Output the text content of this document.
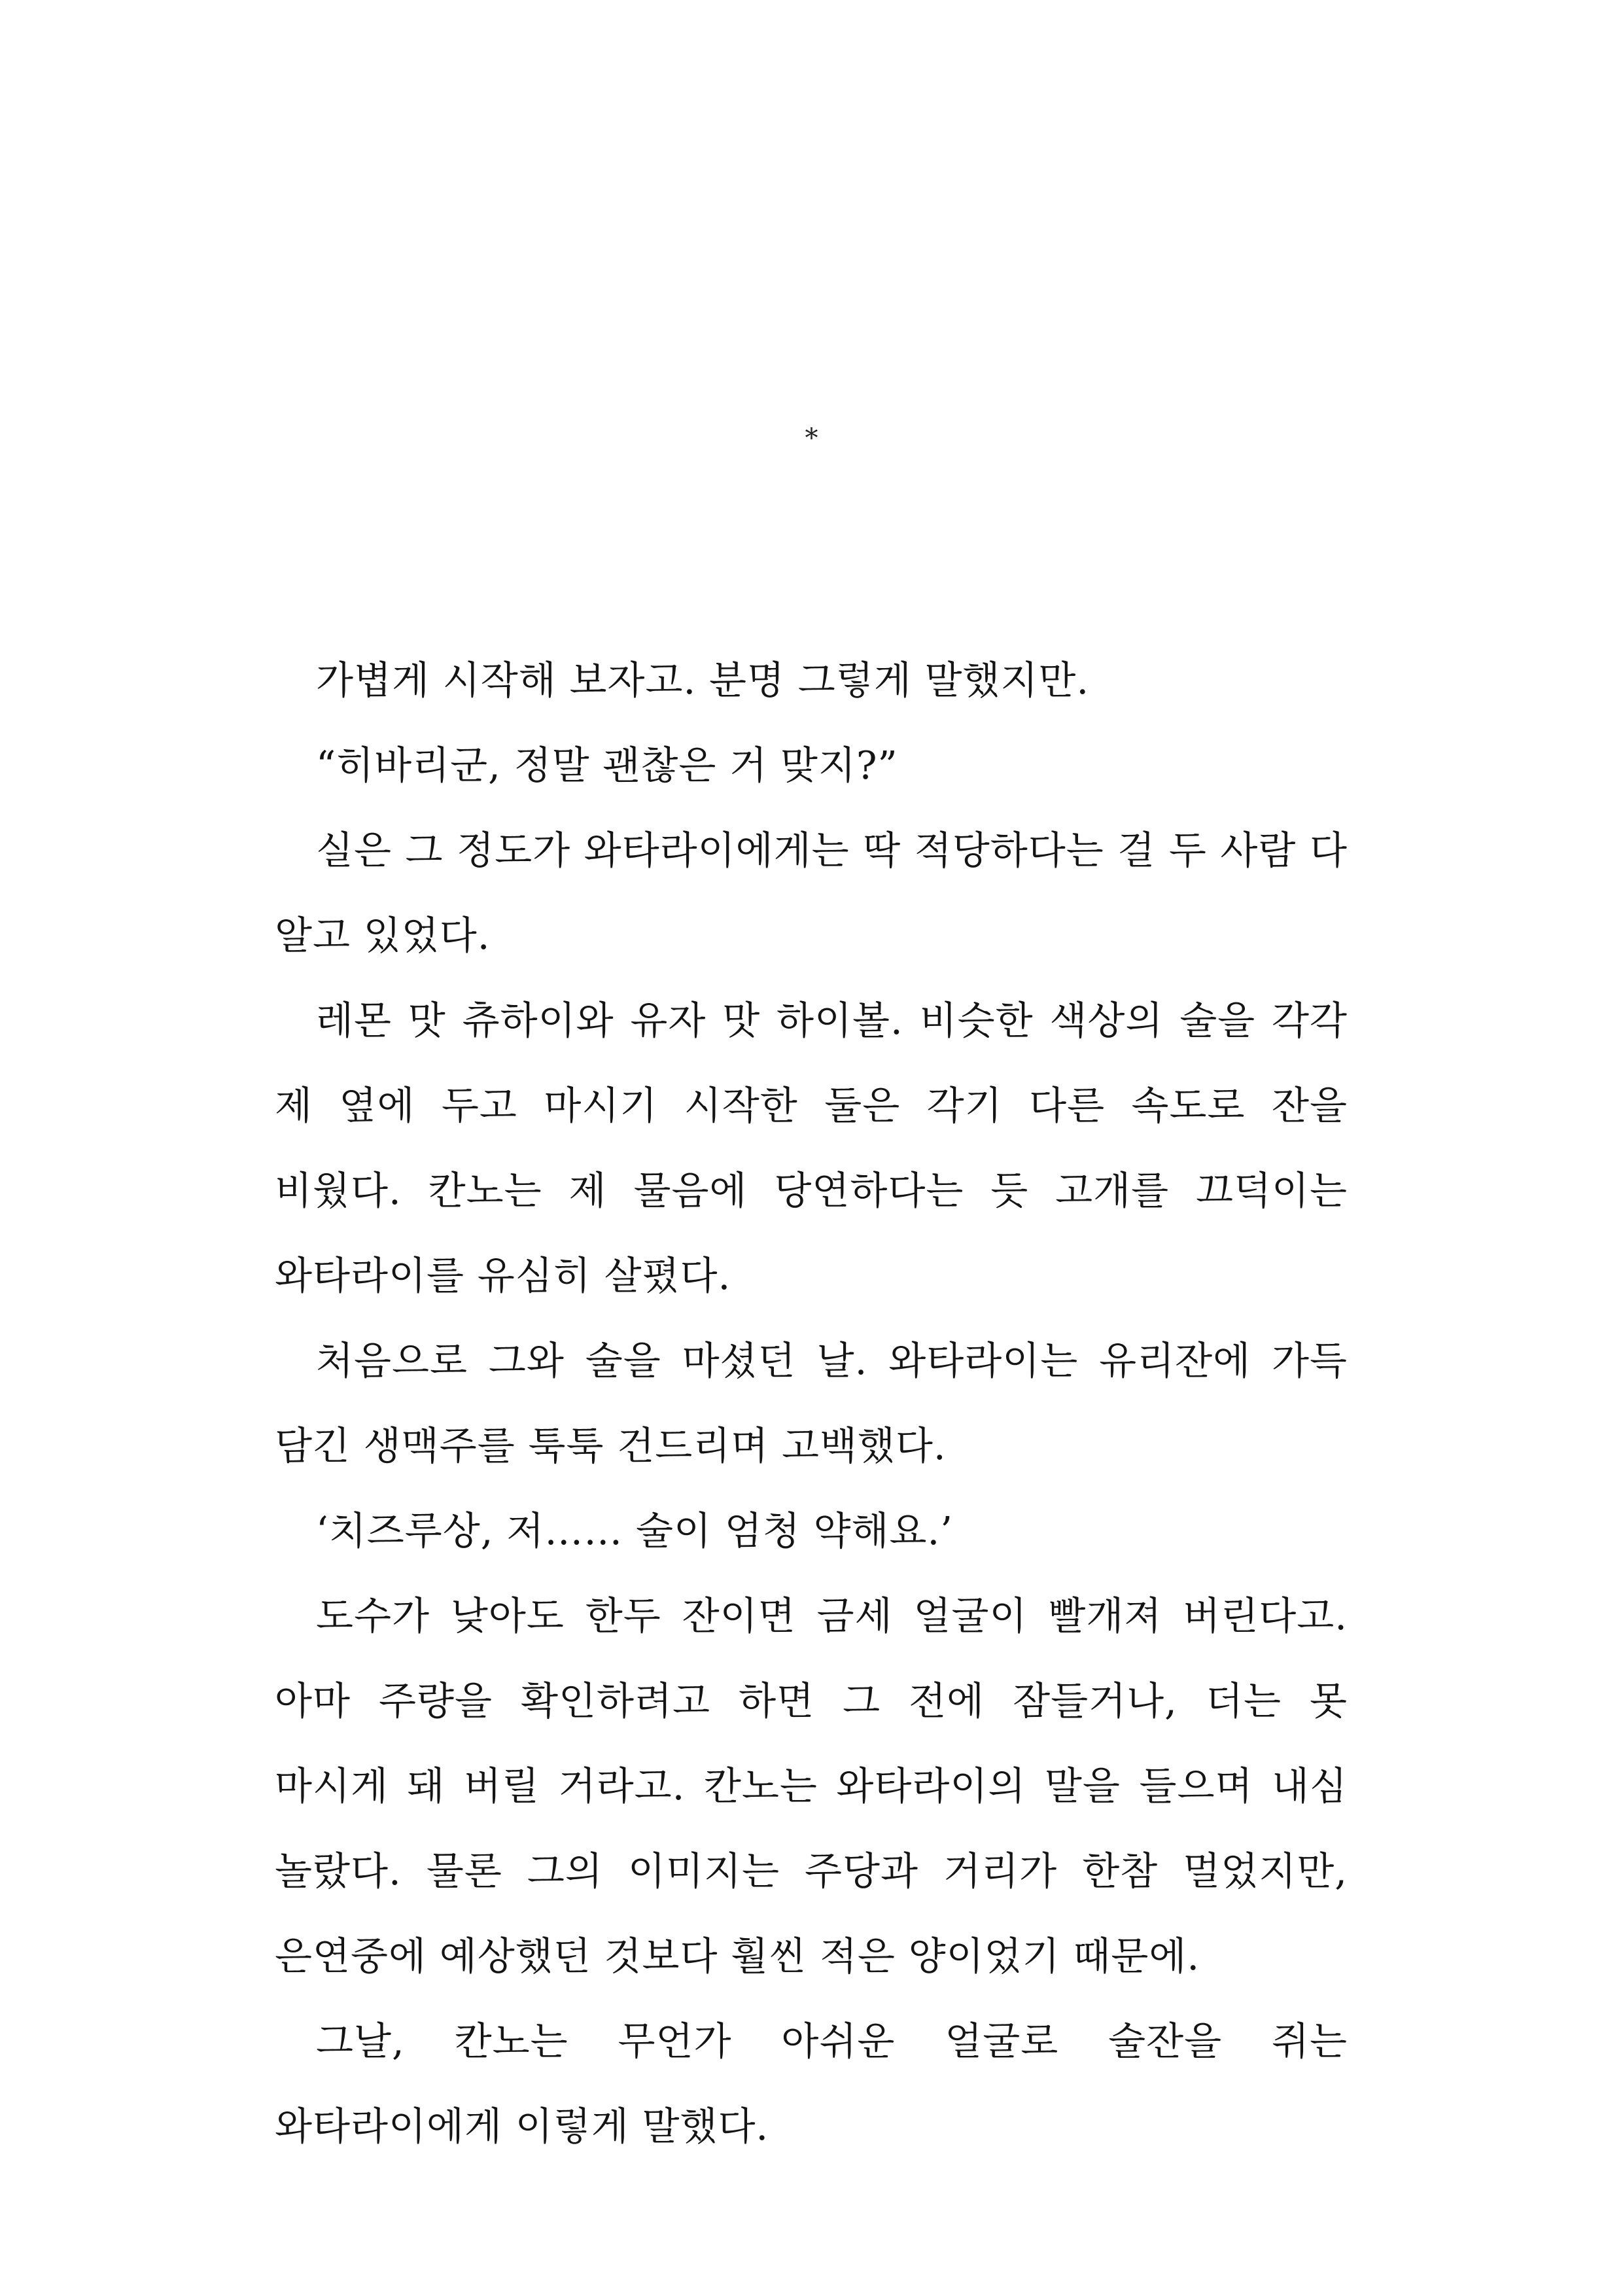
*

가볍게 시작해 보자고. 분명 그렇게 말했지만.

“히바리군, 정말 괜찮은 거 맞지?”

실은 그 정도가 와타라이에게는 딱 적당하다는 걸 두 사람 다 알고 있었다.

레몬 맛 츄하이와 유자 맛 하이볼. 비슷한 색상의 술을 각각 제 옆에 두고 마시기 시작한 둘은 각기 다른 속도로 잔을 비웠다. 칸노는 제 물음에 당연하다는 듯 고개를 끄덕이는 와타라이를 유심히 살폈다.

처음으로 그와 술을 마셨던 날. 와타라이는 유리잔에 가득 담긴 생맥주를 툭툭 건드리며 고백했다.

‘치즈루상, 저…… 술이 엄청 약해요.’

도수가 낮아도 한두 잔이면 금세 얼굴이 빨개져 버린다고. 아마 주량을 확인하려고 하면 그 전에 잠들거나, 더는 못 마시게 돼 버릴 거라고. 칸노는 와타라이의 말을 들으며 내심 놀랐다. 물론 그의 이미지는 주당과 거리가 한참 멀었지만, 은연중에 예상했던 것보다 훨씬 적은 양이었기 때문에.

그날, 칸노는 무언가 아쉬운 얼굴로 술잔을 쥐는 와타라이에게 이렇게 말했다.
